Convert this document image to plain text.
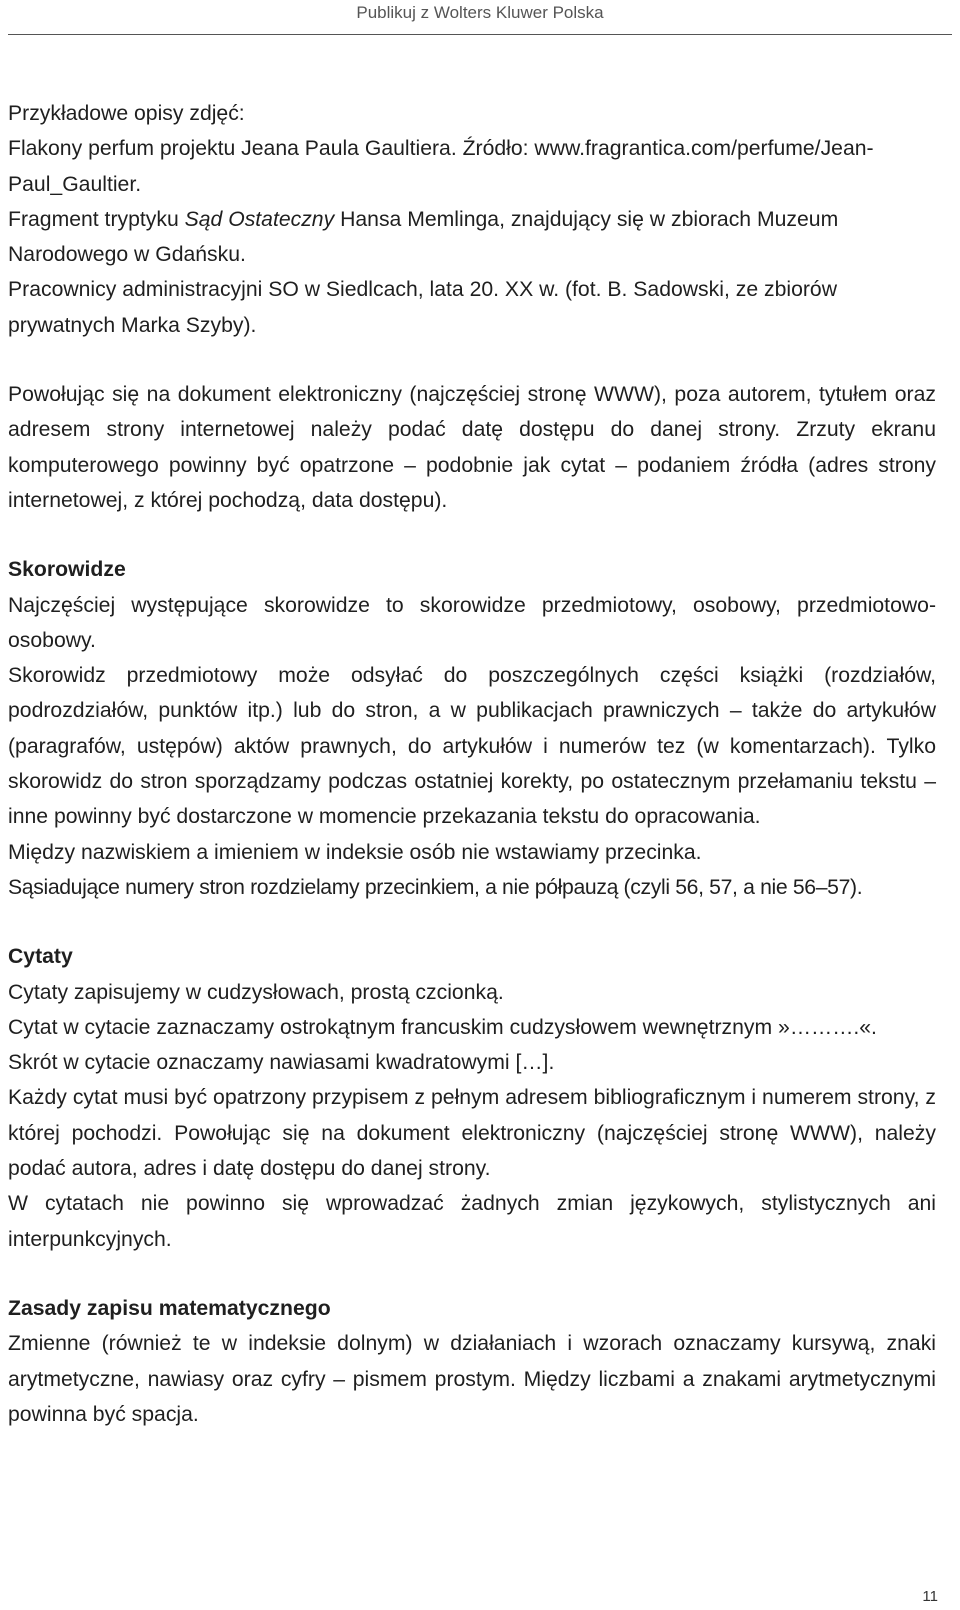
Publikuj z Wolters Kluwer Polska

Przykładowe opisy zdjęć:

Flakony perfum projektu Jeana Paula Gaultiera. Źródło: www.fragrantica.com/perfume/Jean-Paul_Gaultier.

Fragment tryptyku Sąd Ostateczny Hansa Memlinga, znajdujący się w zbiorach Muzeum Narodowego w Gdańsku.

Pracownicy administracyjni SO w Siedlcach, lata 20. XX w. (fot. B. Sadowski, ze zbiorów prywatnych Marka Szyby).

Powołując się na dokument elektroniczny (najczęściej stronę WWW), poza autorem, tytułem oraz adresem strony internetowej należy podać datę dostępu do danej strony. Zrzuty ekranu komputerowego powinny być opatrzone – podobnie jak cytat – podaniem źródła (adres strony internetowej, z której pochodzą, data dostępu).

Skorowidze

Najczęściej występujące skorowidze to skorowidze przedmiotowy, osobowy, przedmiotowo-osobowy.

Skorowidz przedmiotowy może odsyłać do poszczególnych części książki (rozdziałów, podrozdziałów, punktów itp.) lub do stron, a w publikacjach prawniczych – także do artykułów (paragrafów, ustępów) aktów prawnych, do artykułów i numerów tez (w komentarzach). Tylko skorowidz do stron sporządzamy podczas ostatniej korekty, po ostatecznym przełamaniu tekstu – inne powinny być dostarczone w momencie przekazania tekstu do opracowania.

Między nazwiskiem a imieniem w indeksie osób nie wstawiamy przecinka.

Sąsiadujące numery stron rozdzielamy przecinkiem, a nie półpauzą (czyli 56, 57, a nie 56–57).

Cytaty

Cytaty zapisujemy w cudzysłowach, prostą czcionką.

Cytat w cytacie zaznaczamy ostrokątnym francuskim cudzysłowem wewnętrznym »……….«.

Skrót w cytacie oznaczamy nawiasami kwadratowymi […].

Każdy cytat musi być opatrzony przypisem z pełnym adresem bibliograficznym i numerem strony, z której pochodzi. Powołując się na dokument elektroniczny (najczęściej stronę WWW), należy podać autora, adres i datę dostępu do danej strony.

W cytatach nie powinno się wprowadzać żadnych zmian językowych, stylistycznych ani interpunkcyjnych.

Zasady zapisu matematycznego

Zmienne (również te w indeksie dolnym) w działaniach i wzorach oznaczamy kursywą, znaki arytmetyczne, nawiasy oraz cyfry – pismem prostym. Między liczbami a znakami arytmetycznymi powinna być spacja.

11
